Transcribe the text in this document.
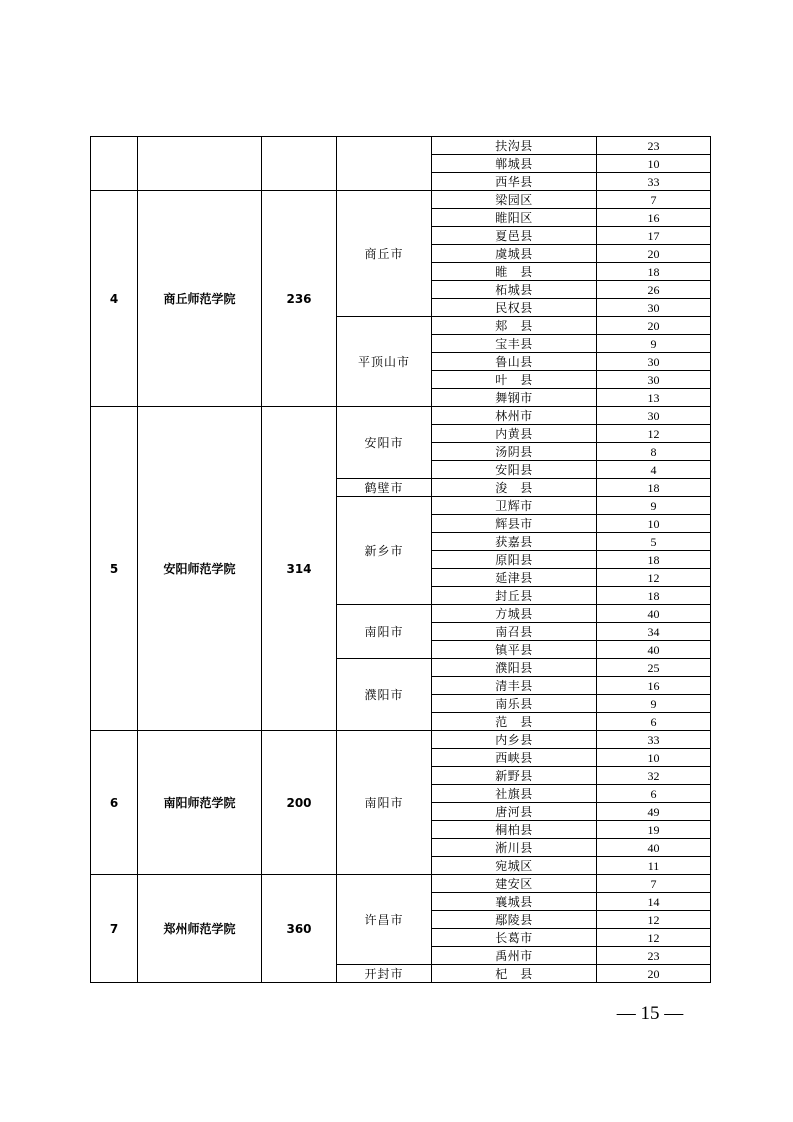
				扶沟县	23
				郸城县	10
				西华县	33
4	商丘师范学院	236	商丘市	梁园区	7
				睢阳区	16
				夏邑县	17
				虞城县	20
				睢　县	18
				柘城县	26
				民权县	30
			平顶山市	郏　县	20
				宝丰县	9
				鲁山县	30
				叶　县	30
				舞钢市	13
5	安阳师范学院	314	安阳市	林州市	30
				内黄县	12
				汤阴县	8
				安阳县	4
			鹤壁市	浚　县	18
			新乡市	卫辉市	9
				辉县市	10
				获嘉县	5
				原阳县	18
				延津县	12
				封丘县	18
			南阳市	方城县	40
				南召县	34
				镇平县	40
			濮阳市	濮阳县	25
				清丰县	16
				南乐县	9
				范　县	6
6	南阳师范学院	200	南阳市	内乡县	33
				西峡县	10
				新野县	32
				社旗县	6
				唐河县	49
				桐柏县	19
				淅川县	40
				宛城区	11
7	郑州师范学院	360	许昌市	建安区	7
				襄城县	14
				鄢陵县	12
				长葛市	12
				禹州市	23
			开封市	杞　县	20
— 15 —
